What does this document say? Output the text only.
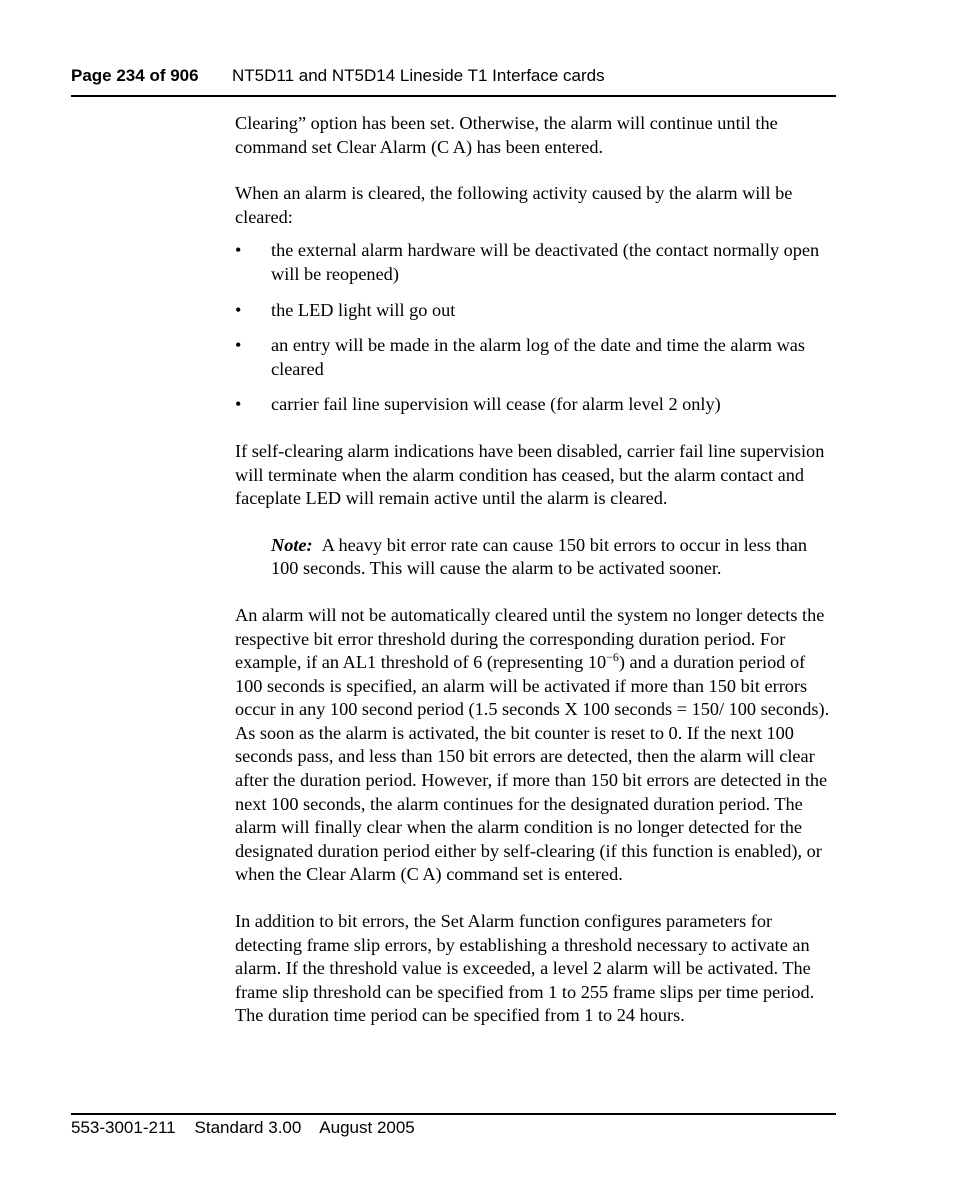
Page 234 of 906 NT5D11 and NT5D14 Lineside T1 Interface cards

Clearing” option has been set. Otherwise, the alarm will continue until the command set Clear Alarm (C A) has been entered.

When an alarm is cleared, the following activity caused by the alarm will be cleared:

• the external alarm hardware will be deactivated (the contact normally open will be reopened)
• the LED light will go out
• an entry will be made in the alarm log of the date and time the alarm was cleared
• carrier fail line supervision will cease (for alarm level 2 only)

If self-clearing alarm indications have been disabled, carrier fail line supervision will terminate when the alarm condition has ceased, but the alarm contact and faceplate LED will remain active until the alarm is cleared.

Note: A heavy bit error rate can cause 150 bit errors to occur in less than 100 seconds. This will cause the alarm to be activated sooner.

An alarm will not be automatically cleared until the system no longer detects the respective bit error threshold during the corresponding duration period. For example, if an AL1 threshold of 6 (representing $10^{-6}$) and a duration period of 100 seconds is specified, an alarm will be activated if more than 150 bit errors occur in any 100 second period (1.5 seconds X 100 seconds = 150/ 100 seconds). As soon as the alarm is activated, the bit counter is reset to 0. If the next 100 seconds pass, and less than 150 bit errors are detected, then the alarm will clear after the duration period. However, if more than 150 bit errors are detected in the next 100 seconds, the alarm continues for the designated duration period. The alarm will finally clear when the alarm condition is no longer detected for the designated duration period either by self-clearing (if this function is enabled), or when the Clear Alarm (C A) command set is entered.

In addition to bit errors, the Set Alarm function configures parameters for detecting frame slip errors, by establishing a threshold necessary to activate an alarm. If the threshold value is exceeded, a level 2 alarm will be activated. The frame slip threshold can be specified from 1 to 255 frame slips per time period. The duration time period can be specified from 1 to 24 hours.

553-3001-211 Standard 3.00 August 2005
